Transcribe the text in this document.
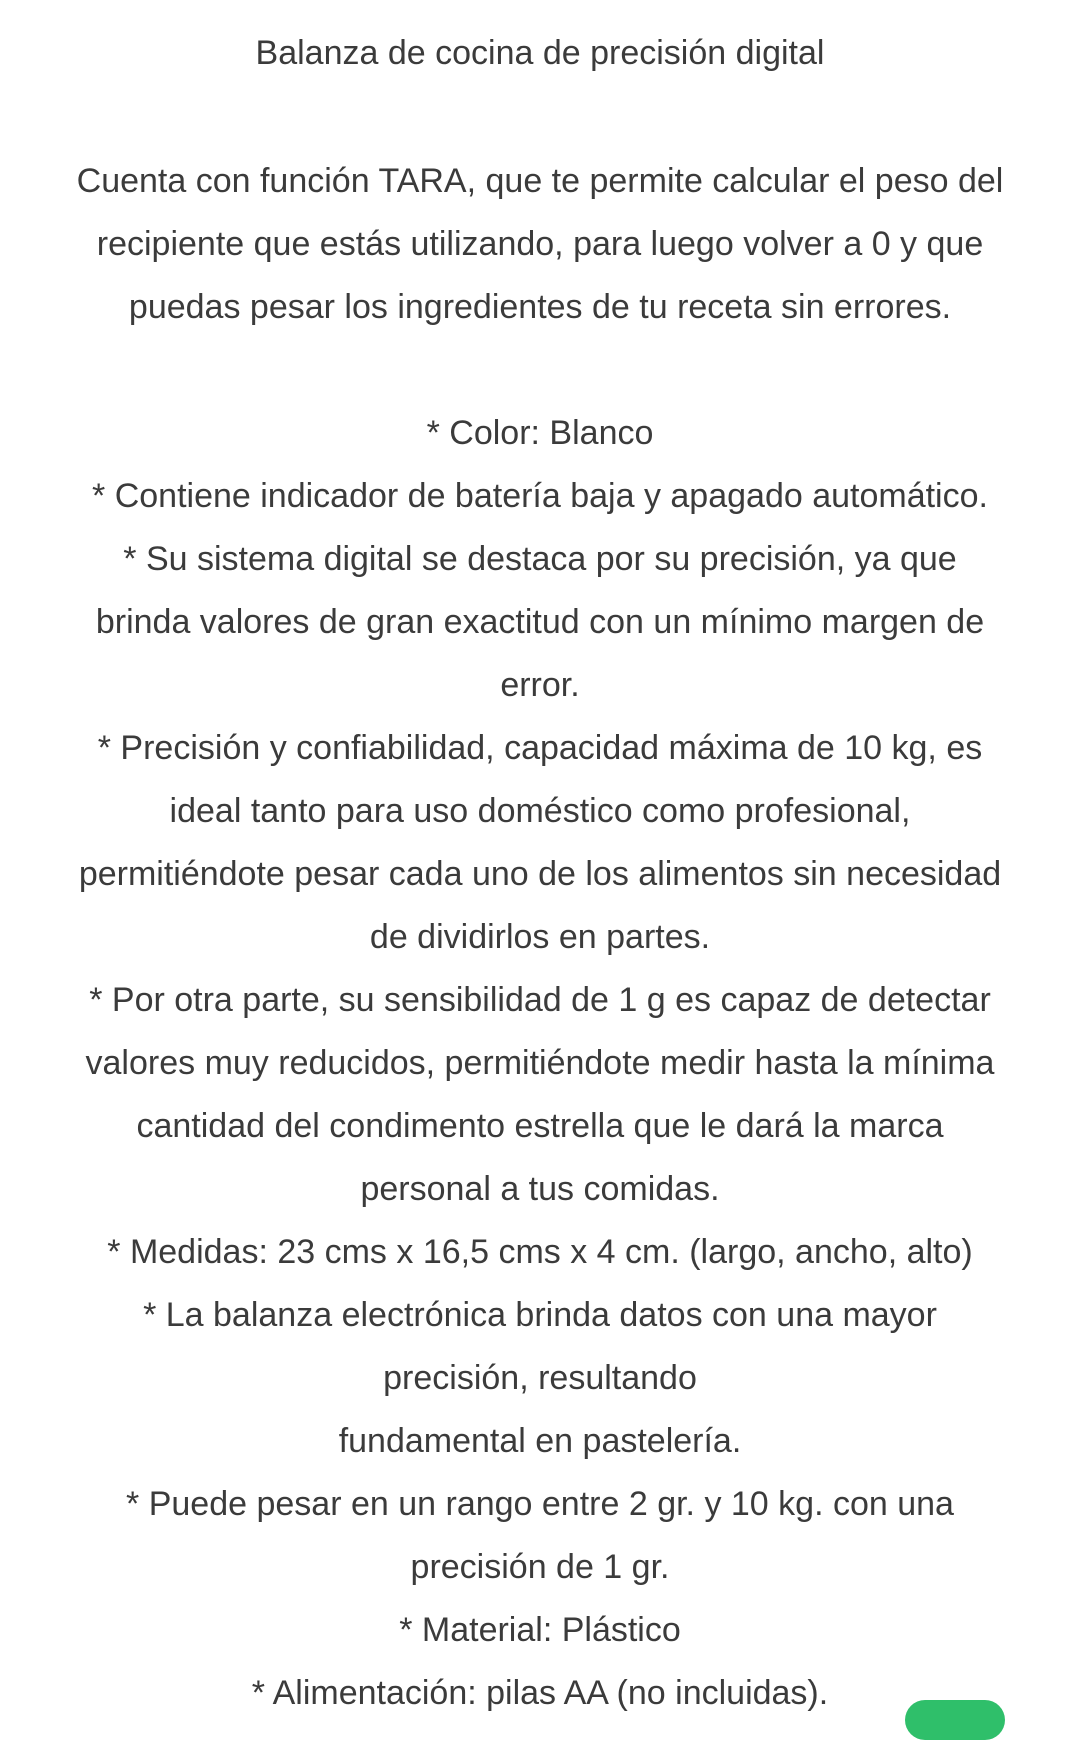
Balanza de cocina de precisión digital
Cuenta con función TARA, que te permite calcular el peso del
recipiente que estás utilizando, para luego volver a 0 y que
puedas pesar los ingredientes de tu receta sin errores.
* Color: Blanco
* Contiene indicador de batería baja y apagado automático.
* Su sistema digital se destaca por su precisión, ya que
brinda valores de gran exactitud con un mínimo margen de
error.
* Precisión y confiabilidad, capacidad máxima de 10 kg, es
ideal tanto para uso doméstico como profesional,
permitiéndote pesar cada uno de los alimentos sin necesidad
de dividirlos en partes.
* Por otra parte, su sensibilidad de 1 g es capaz de detectar
valores muy reducidos, permitiéndote medir hasta la mínima
cantidad del condimento estrella que le dará la marca
personal a tus comidas.
* Medidas: 23 cms x 16,5 cms x 4 cm. (largo, ancho, alto)
* La balanza electrónica brinda datos con una mayor
precisión, resultando
fundamental en pastelería.
* Puede pesar en un rango entre 2 gr. y 10 kg. con una
precisión de 1 gr.
* Material: Plástico
* Alimentación: pilas AA (no incluidas).
